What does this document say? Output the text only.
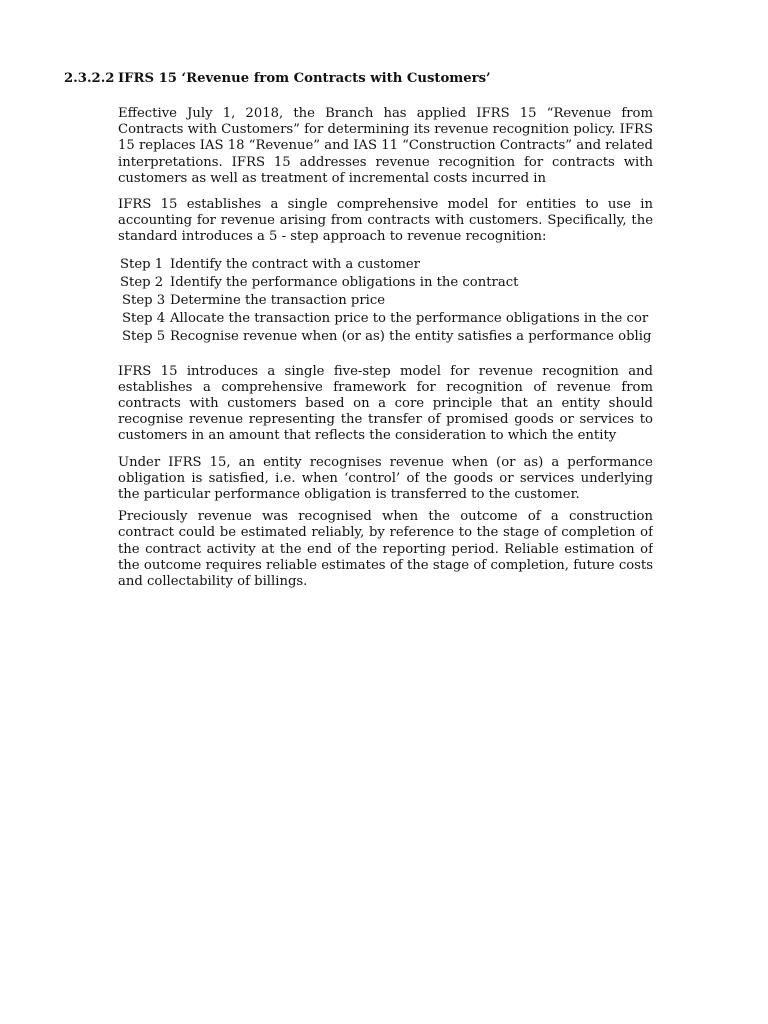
2.3.2.2 IFRS 15 ‘Revenue from Contracts with Customers’

Effective July 1, 2018, the Branch has applied IFRS 15 “Revenue from Contracts with Customers” for determining its revenue recognition policy. IFRS 15 replaces IAS 18 “Revenue” and IAS 11 “Construction Contracts” and related interpretations. IFRS 15 addresses revenue recognition for contracts with customers as well as treatment of incremental costs incurred in

IFRS 15 establishes a single comprehensive model for entities to use in accounting for revenue arising from contracts with customers. Specifically, the standard introduces a 5 - step approach to revenue recognition:

Step 1 Identify the contract with a customer
Step 2 Identify the performance obligations in the contract
Step 3 Determine the transaction price
Step 4 Allocate the transaction price to the performance obligations in the cor
Step 5 Recognise revenue when (or as) the entity satisfies a performance oblig

IFRS 15 introduces a single five-step model for revenue recognition and establishes a comprehensive framework for recognition of revenue from contracts with customers based on a core principle that an entity should recognise revenue representing the transfer of promised goods or services to customers in an amount that reflects the consideration to which the entity

Under IFRS 15, an entity recognises revenue when (or as) a performance obligation is satisfied, i.e. when ‘control’ of the goods or services underlying the particular performance obligation is transferred to the customer.

Preciously revenue was recognised when the outcome of a construction contract could be estimated reliably, by reference to the stage of completion of the contract activity at the end of the reporting period. Reliable estimation of the outcome requires reliable estimates of the stage of completion, future costs and collectability of billings.
